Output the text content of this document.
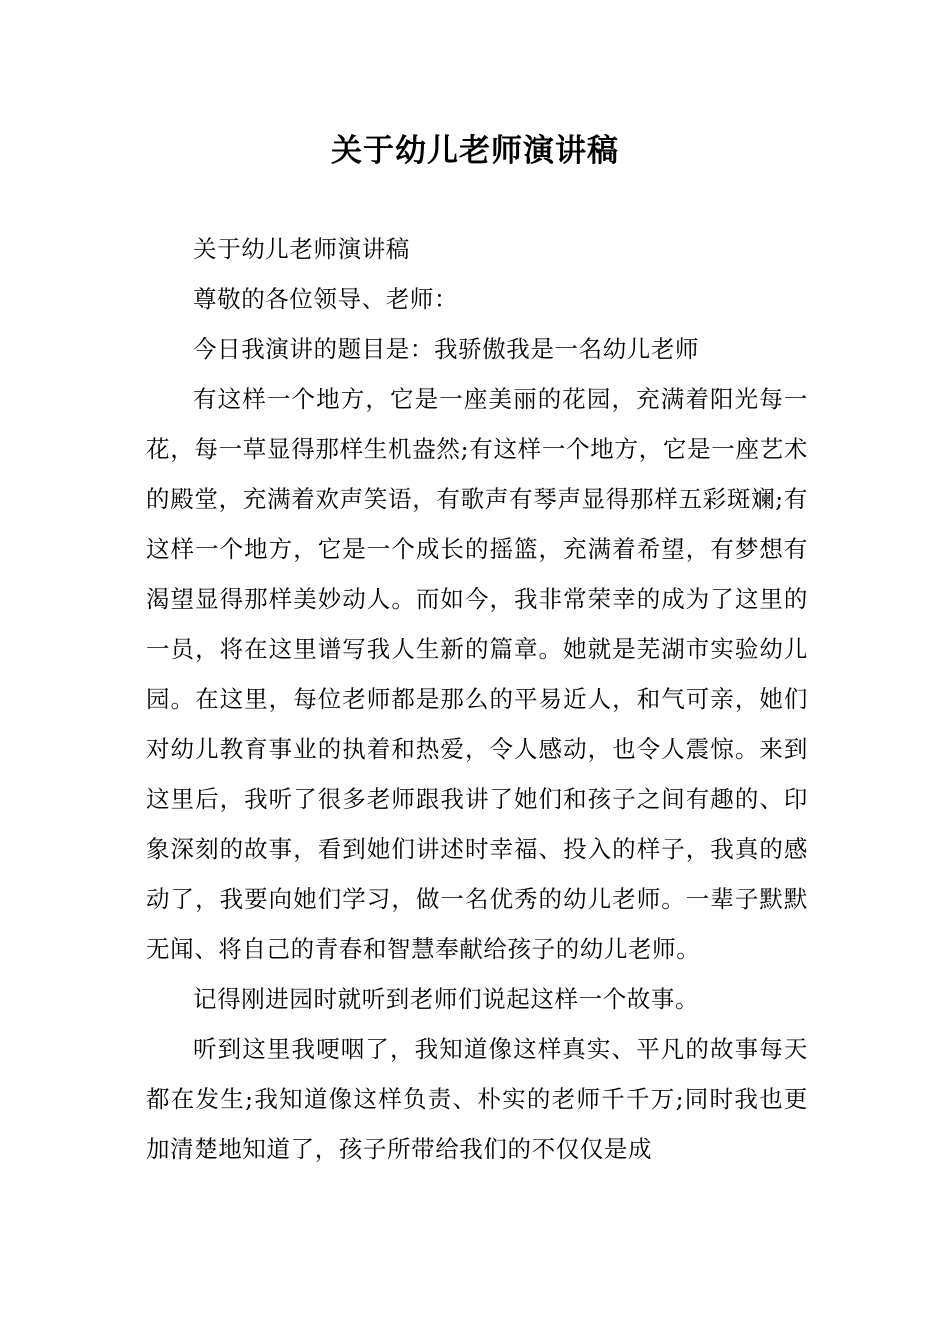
关于幼儿老师演讲稿

关于幼儿老师演讲稿

尊敬的各位领导、老师：

今日我演讲的题目是：我骄傲我是一名幼儿老师

有这样一个地方，它是一座美丽的花园，充满着阳光每一花，每一草显得那样生机盎然;有这样一个地方，它是一座艺术的殿堂，充满着欢声笑语，有歌声有琴声显得那样五彩斑斓;有这样一个地方，它是一个成长的摇篮，充满着希望，有梦想有渴望显得那样美妙动人。而如今，我非常荣幸的成为了这里的一员，将在这里谱写我人生新的篇章。她就是芜湖市实验幼儿园。在这里，每位老师都是那么的平易近人，和气可亲，她们对幼儿教育事业的执着和热爱，令人感动，也令人震惊。来到这里后，我听了很多老师跟我讲了她们和孩子之间有趣的、印象深刻的故事，看到她们讲述时幸福、投入的样子，我真的感动了，我要向她们学习，做一名优秀的幼儿老师。一辈子默默无闻、将自己的青春和智慧奉献给孩子的幼儿老师。

记得刚进园时就听到老师们说起这样一个故事。

听到这里我哽咽了，我知道像这样真实、平凡的故事每天都在发生;我知道像这样负责、朴实的老师千千万;同时我也更加清楚地知道了，孩子所带给我们的不仅仅是成
